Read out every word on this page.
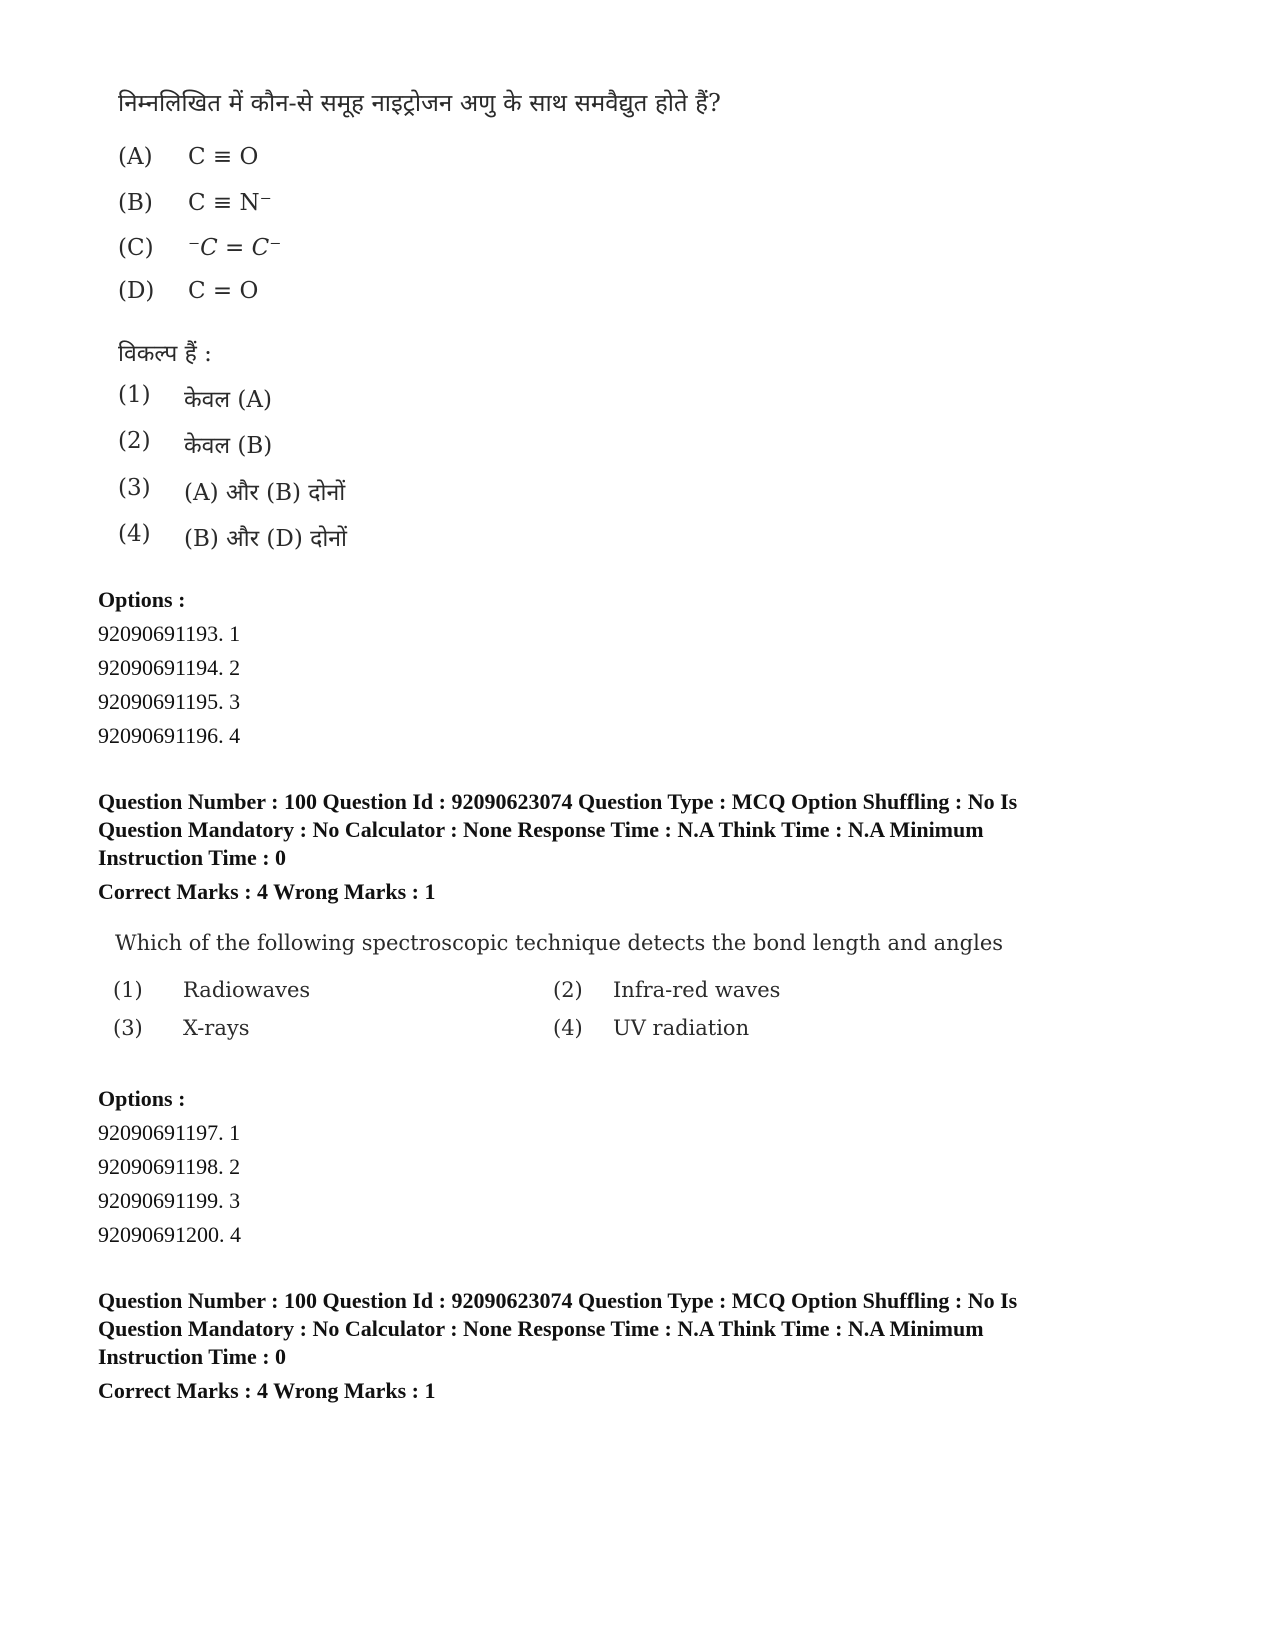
निम्नलिखित में कौन-से समूह नाइट्रोजन अणु के साथ समवैद्युत होते हैं?
(A) C ≡ O
(B) C ≡ N⁻
(C) ⁻C = C⁻
(D) C = O
विकल्प हैं :
(1) केवल (A)
(2) केवल (B)
(3) (A) और (B) दोनों
(4) (B) और (D) दोनों
Options :
92090691193. 1
92090691194. 2
92090691195. 3
92090691196. 4
Question Number : 100 Question Id : 92090623074 Question Type : MCQ Option Shuffling : No Is
Question Mandatory : No Calculator : None Response Time : N.A Think Time : N.A Minimum
Instruction Time : 0
Correct Marks : 4 Wrong Marks : 1
Which of the following spectroscopic technique detects the bond length and angles
(1) Radiowaves	(2) Infra-red waves
(3) X-rays	(4) UV radiation
Options :
92090691197. 1
92090691198. 2
92090691199. 3
92090691200. 4
Question Number : 100 Question Id : 92090623074 Question Type : MCQ Option Shuffling : No Is
Question Mandatory : No Calculator : None Response Time : N.A Think Time : N.A Minimum
Instruction Time : 0
Correct Marks : 4 Wrong Marks : 1
